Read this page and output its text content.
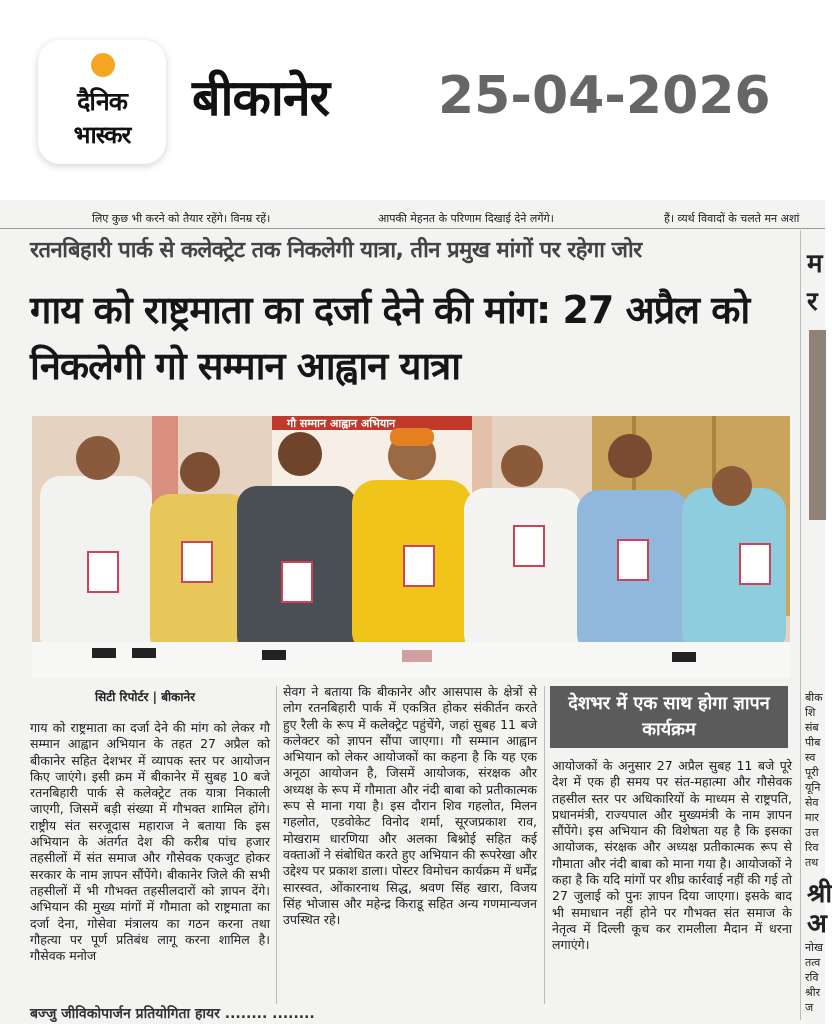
दैनिक
भास्कर
बीकानेर 25-04-2026
लिए कुछ भी करने को तैयार रहेंगे। विनम्र रहें।	आपकी मेहनत के परिणाम दिखाई देने लगेंगे।	हैं। व्यर्थ विवादों के चलते मन अशां
रतनबिहारी पार्क से कलेक्ट्रेट तक निकलेगी यात्रा, तीन प्रमुख मांगों पर रहेगा जोर
गाय को राष्ट्रमाता का दर्जा देने की मांग: 27 अप्रैल को निकलेगी गो सम्मान आह्वान यात्रा
गौ सम्मान आह्वान अभियान
सिटी रिपोर्टर | बीकानेर
गाय को राष्ट्रमाता का दर्जा देने की मांग को लेकर गौ सम्मान आह्वान अभियान के तहत 27 अप्रैल को बीकानेर सहित देशभर में व्यापक स्तर पर आयोजन किए जाएंगे। इसी क्रम में बीकानेर में सुबह 10 बजे रतनबिहारी पार्क से कलेक्ट्रेट तक यात्रा निकाली जाएगी, जिसमें बड़ी संख्या में गौभक्त शामिल होंगे। राष्ट्रीय संत सरजूदास महाराज ने बताया कि इस अभियान के अंतर्गत देश की करीब पांच हजार तहसीलों में संत समाज और गौसेवक एकजुट होकर सरकार के नाम ज्ञापन सौंपेंगे। बीकानेर जिले की सभी तहसीलों में भी गौभक्त तहसीलदारों को ज्ञापन देंगे। अभियान की मुख्य मांगों में गौमाता को राष्ट्रमाता का दर्जा देना, गोसेवा मंत्रालय का गठन करना तथा गौहत्या पर पूर्ण प्रतिबंध लागू करना शामिल है। गौसेवक मनोज
सेवग ने बताया कि बीकानेर और आसपास के क्षेत्रों से लोग रतनबिहारी पार्क में एकत्रित होकर संकीर्तन करते हुए रैली के रूप में कलेक्ट्रेट पहुंचेंगे, जहां सुबह 11 बजे कलेक्टर को ज्ञापन सौंपा जाएगा। गौ सम्मान आह्वान अभियान को लेकर आयोजकों का कहना है कि यह एक अनूठा आयोजन है, जिसमें आयोजक, संरक्षक और अध्यक्ष के रूप में गौमाता और नंदी बाबा को प्रतीकात्मक रूप से माना गया है। इस दौरान शिव गहलोत, मिलन गहलोत, एडवोकेट विनोद शर्मा, सूरजप्रकाश राव, मोखराम धारणिया और अलका बिश्नोई सहित कई वक्ताओं ने संबोधित करते हुए अभियान की रूपरेखा और उद्देश्य पर प्रकाश डाला। पोस्टर विमोचन कार्यक्रम में धर्मेंद्र सारस्वत, ओंकारनाथ सिद्ध, श्रवण सिंह खारा, विजय सिंह भोजास और महेन्द्र किराडू सहित अन्य गणमान्यजन उपस्थित रहे।
देशभर में एक साथ होगा ज्ञापन कार्यक्रम
आयोजकों के अनुसार 27 अप्रैल सुबह 11 बजे पूरे देश में एक ही समय पर संत-महात्मा और गौसेवक तहसील स्तर पर अधिकारियों के माध्यम से राष्ट्रपति, प्रधानमंत्री, राज्यपाल और मुख्यमंत्री के नाम ज्ञापन सौंपेंगे। इस अभियान की विशेषता यह है कि इसका आयोजक, संरक्षक और अध्यक्ष प्रतीकात्मक रूप से गौमाता और नंदी बाबा को माना गया है। आयोजकों ने कहा है कि यदि मांगों पर शीघ्र कार्रवाई नहीं की गई तो 27 जुलाई को पुनः ज्ञापन दिया जाएगा। इसके बाद भी समाधान नहीं होने पर गौभक्त संत समाज के नेतृत्व में दिल्ली कूच कर रामलीला मैदान में धरना लगाएंगे।
म
र
बीक
शि
संब
पीब
स्व
पूरी
यूनि
सेव
मार
उत्त
रिव
तथ
श्री
अ
नोख
तत्व
रवि
श्रीर
ज
बज्जु जीविकोपार्जन प्रतियोगिता हायर ........ ........
